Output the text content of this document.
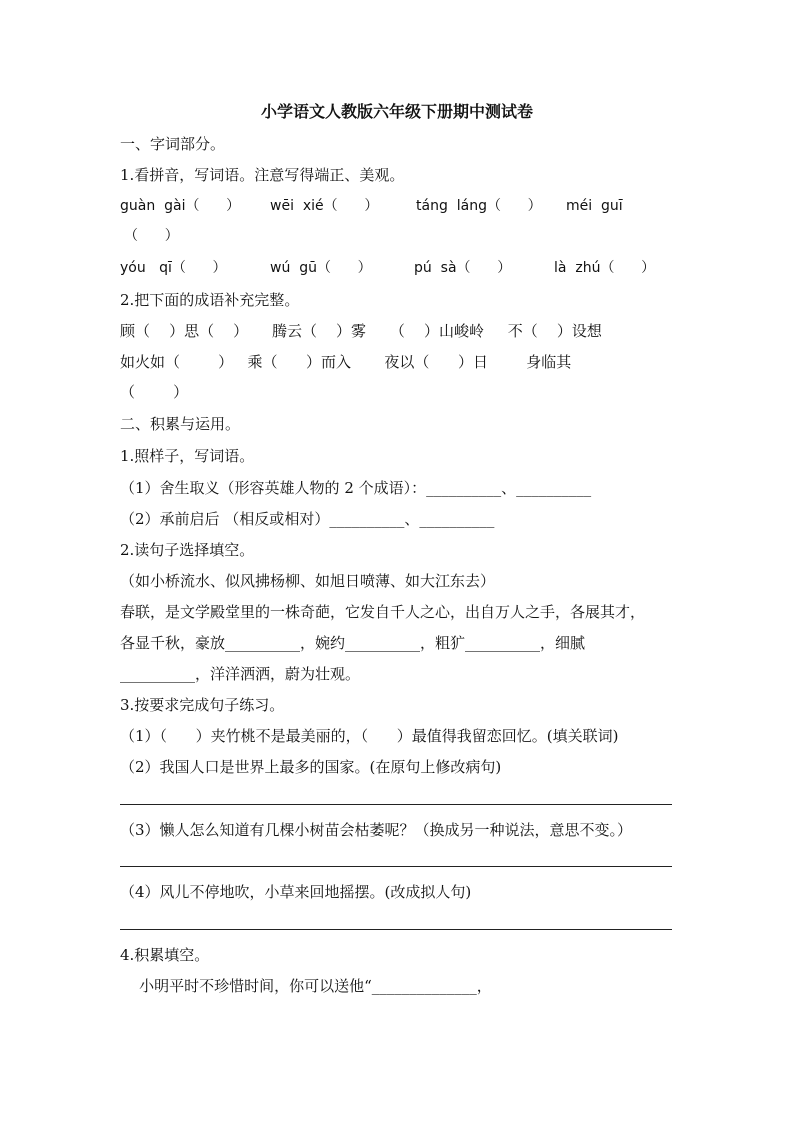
小学语文人教版六年级下册期中测试卷
一、字词部分。
1.看拼音，写词语。注意写得端正、美观。
guàn  gài（      ） wēi  xié（      ）	táng  láng（      ） méi  guī
（      ）
yóu   qī（      ）	wú  gū（      ）	pú  sà（      ）	là  zhú（      ）
2.把下面的成语补充完整。
顾（    ）思（    ）     腾云（    ）雾     （    ）山峻岭     不（    ）设想
如火如（        ）   乘（      ）而入       夜以（      ）日        身临其
（        ）
二、积累与运用。
1.照样子，写词语。
（1）舍生取义（形容英雄人物的 2 个成语）：__________、__________
（2）承前启后 （相反或相对）__________、__________
2.读句子选择填空。
（如小桥流水、似风拂杨柳、如旭日喷薄、如大江东去）
春联，是文学殿堂里的一株奇葩，它发自千人之心，出自万人之手，各展其才，
各显千秋，豪放__________，婉约__________，粗犷__________，细腻
__________，洋洋洒洒，蔚为壮观。
3.按要求完成句子练习。
（1）（      ）夹竹桃不是最美丽的，（      ）最值得我留恋回忆。(填关联词)
（2）我国人口是世界上最多的国家。(在原句上修改病句)
（3）懒人怎么知道有几棵小树苗会枯萎呢？（换成另一种说法，意思不变。）
（4）风儿不停地吹，小草来回地摇摆。(改成拟人句)
4.积累填空。
小明平时不珍惜时间，你可以送他“______________，
